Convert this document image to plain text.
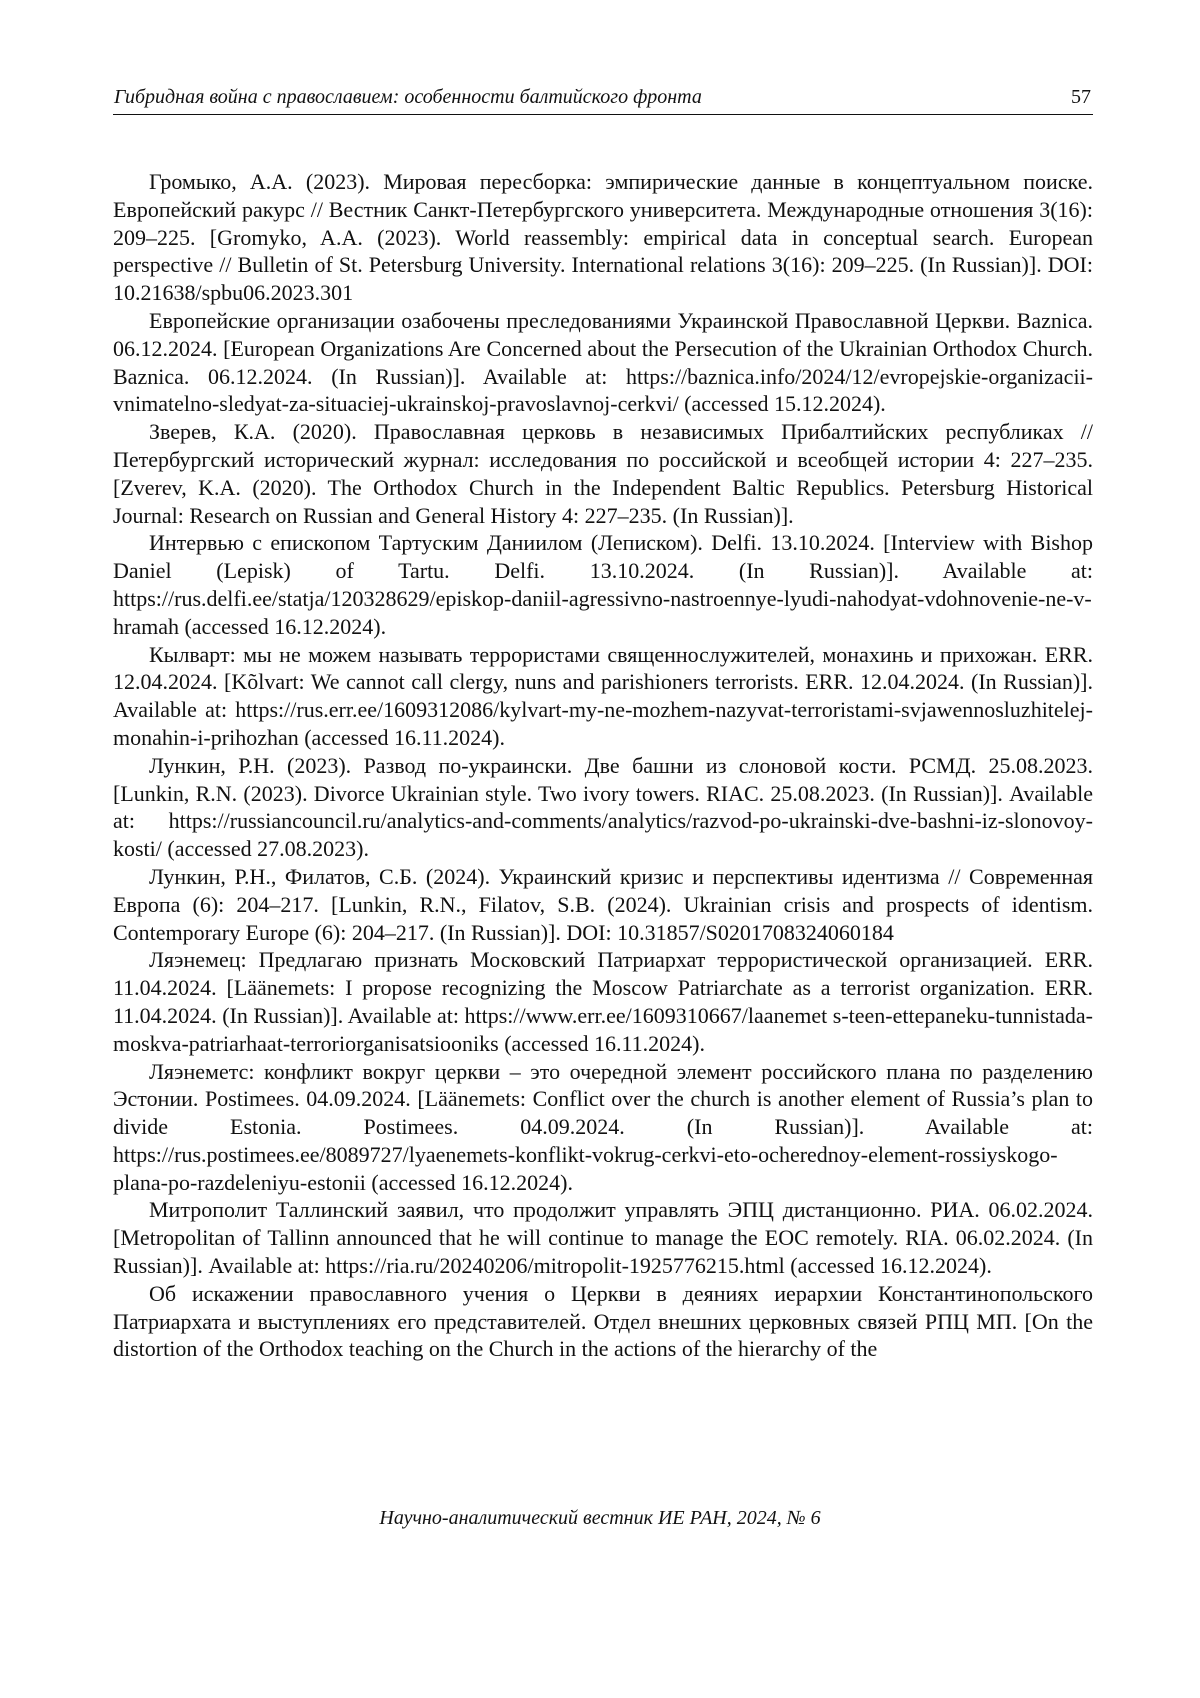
Гибридная война с православием: особенности балтийского фронта	57

Громыко, А.А. (2023). Мировая пересборка: эмпирические данные в концептуальном поиске. Европейский ракурс // Вестник Санкт-Петербургского университета. Международные отношения 3(16): 209–225. [Gromyko, A.A. (2023). World reassembly: empirical data in conceptual search. European perspective // Bulletin of St. Petersburg University. International relations 3(16): 209–225. (In Russian)]. DOI: 10.21638/spbu06.2023.301

Европейские организации озабочены преследованиями Украинской Православной Церкви. Baznica. 06.12.2024. [European Organizations Are Concerned about the Persecution of the Ukrainian Orthodox Church. Baznica. 06.12.2024. (In Russian)]. Available at: https://baznica.info/2024/12/evropejskie-organizacii-vnimatelno-sledyat-za-situaciej-ukrainskoj-pravoslavnoj-cerkvi/ (accessed 15.12.2024).

Зверев, К.А. (2020). Православная церковь в независимых Прибалтийских республиках // Петербургский исторический журнал: исследования по российской и всеобщей истории 4: 227–235. [Zverev, K.A. (2020). The Orthodox Church in the Independent Baltic Republics. Petersburg Historical Journal: Research on Russian and General History 4: 227–235. (In Russian)].

Интервью с епископом Тартуским Даниилом (Леписком). Delfi. 13.10.2024. [Interview with Bishop Daniel (Lepisk) of Tartu. Delfi. 13.10.2024. (In Russian)]. Available at: https://rus.delfi.ee/statja/120328629/episkop-daniil-agressivno-nastroennye-lyudi-nahodyat-vdohnovenie-ne-v-hramah (accessed 16.12.2024).

Кылварт: мы не можем называть террористами священнослужителей, монахинь и прихожан. ERR. 12.04.2024. [Kõlvart: We cannot call clergy, nuns and parishioners terrorists. ERR. 12.04.2024. (In Russian)]. Available at: https://rus.err.ee/1609312086/kylvart-my-ne-mozhem-nazyvat-terroristami-svjawennosluzhitelej-monahin-i-prihozhan (accessed 16.11.2024).

Лункин, Р.Н. (2023). Развод по-украински. Две башни из слоновой кости. РСМД. 25.08.2023. [Lunkin, R.N. (2023). Divorce Ukrainian style. Two ivory towers. RIAC. 25.08.2023. (In Russian)]. Available at: https://russiancouncil.ru/analytics-and-comments/analytics/razvod-po-ukrainski-dve-bashni-iz-slonovoy-kosti/ (accessed 27.08.2023).

Лункин, Р.Н., Филатов, С.Б. (2024). Украинский кризис и перспективы идентизма // Современная Европа (6): 204–217. [Lunkin, R.N., Filatov, S.B. (2024). Ukrainian crisis and prospects of identism. Contemporary Europe (6): 204–217. (In Russian)]. DOI: 10.31857/S0201708324060184

Ляэнемец: Предлагаю признать Московский Патриархат террористической организацией. ERR. 11.04.2024. [Läänemets: I propose recognizing the Moscow Patriarchate as a terrorist organization. ERR. 11.04.2024. (In Russian)]. Available at: https://www.err.ee/1609310667/laanemet s-teen-ettepaneku-tunnistada-moskva-patriarhaat-terroriorganisatsiooniks (accessed 16.11.2024).

Ляэнеметс: конфликт вокруг церкви – это очередной элемент российского плана по разделению Эстонии. Postimees. 04.09.2024. [Läänemets: Conflict over the church is another element of Russia’s plan to divide Estonia. Postimees. 04.09.2024. (In Russian)]. Available at: https://rus.postimees.ee/8089727/lyaenemets-konflikt-vokrug-cerkvi-eto-ocherednoy-element-rossiyskogo-plana-po-razdeleniyu-estonii (accessed 16.12.2024).

Митрополит Таллинский заявил, что продолжит управлять ЭПЦ дистанционно. РИА. 06.02.2024. [Metropolitan of Tallinn announced that he will continue to manage the EOC remotely. RIA. 06.02.2024. (In Russian)]. Available at: https://ria.ru/20240206/mitropolit-1925776215.html (accessed 16.12.2024).

Об искажении православного учения о Церкви в деяниях иерархии Константинопольского Патриархата и выступлениях его представителей. Отдел внешних церковных связей РПЦ МП. [On the distortion of the Orthodox teaching on the Church in the actions of the hierarchy of the

Научно-аналитический вестник ИЕ РАН, 2024, № 6
